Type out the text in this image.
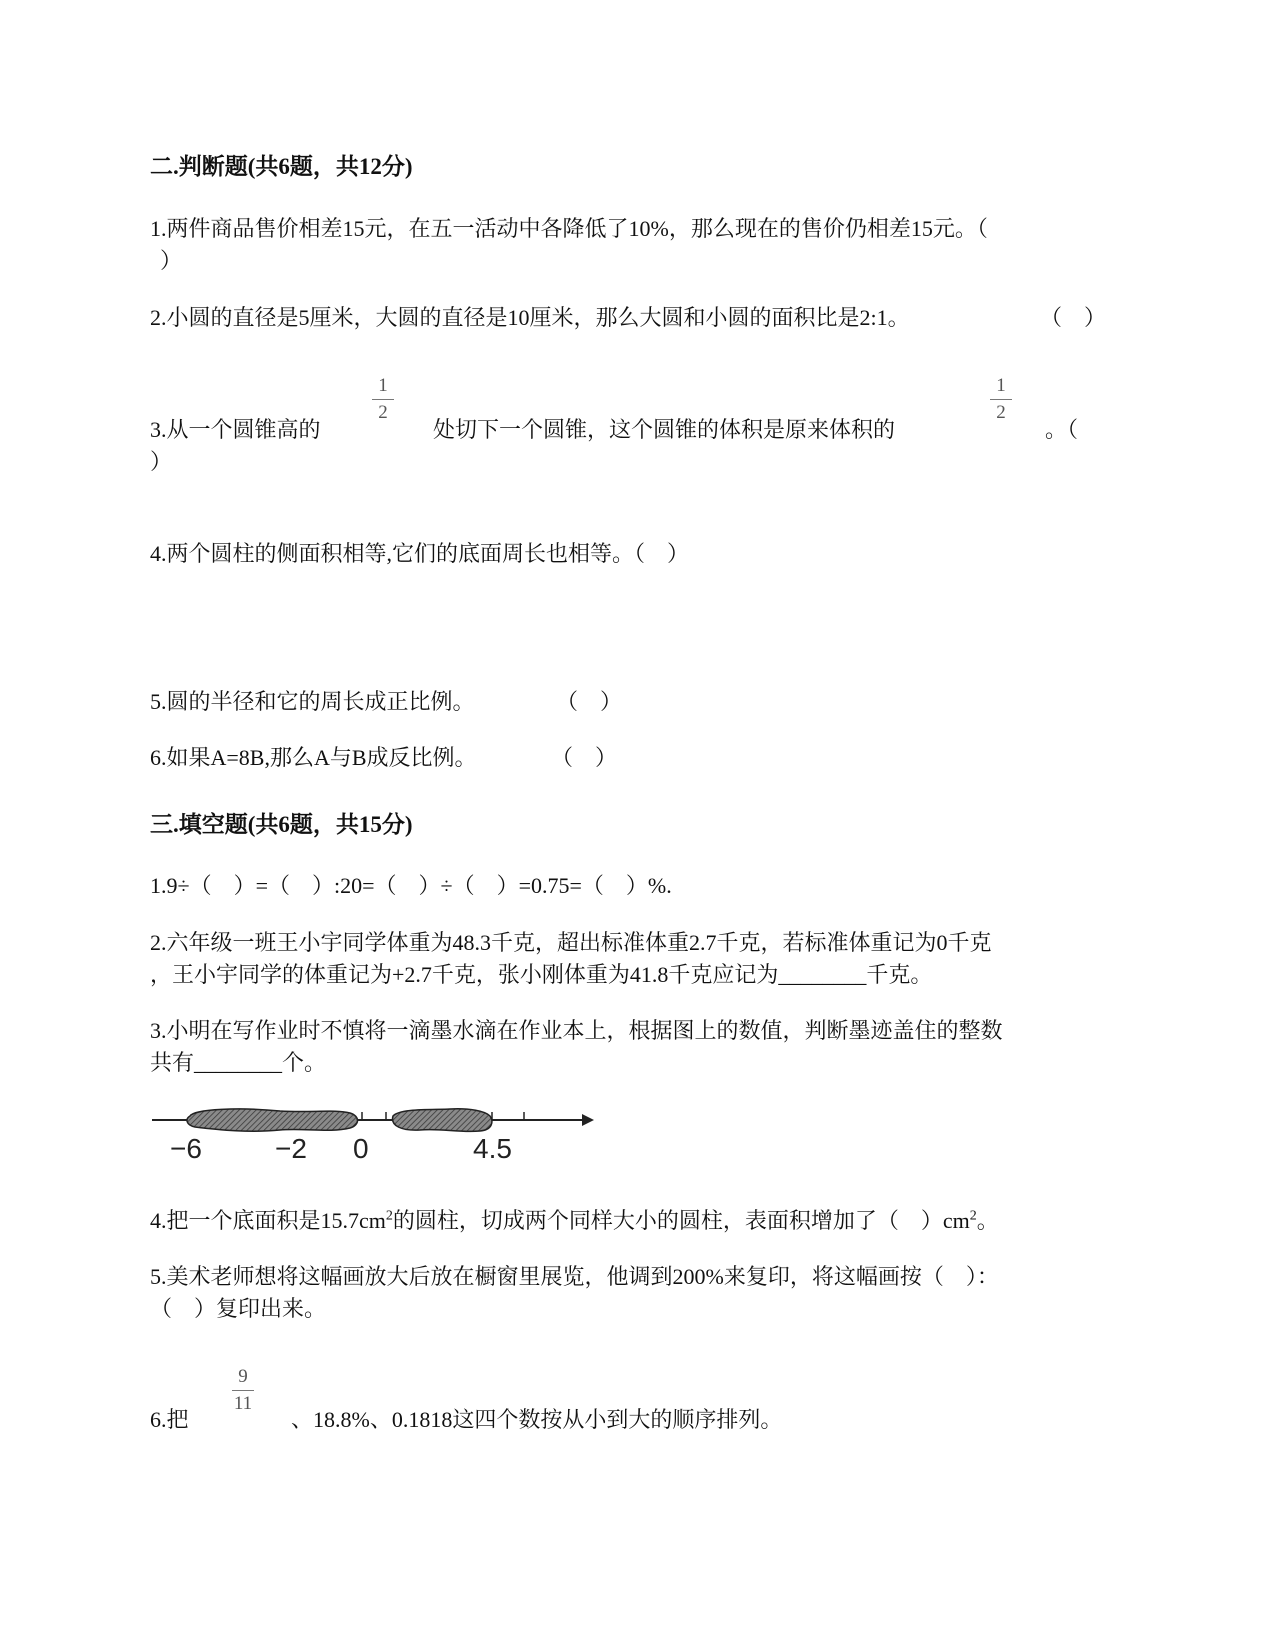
二.判断题(共6题，共12分)
1.两件商品售价相差15元，在五一活动中各降低了10%，那么现在的售价仍相差15元。（
）
2.小圆的直径是5厘米，大圆的直径是10厘米，那么大圆和小圆的面积比是2:1。	（　）
3.从一个圆锥高的
1
2
处切下一个圆锥，这个圆锥的体积是原来体积的
1
2
。（
）
4.两个圆柱的侧面积相等,它们的底面周长也相等。（　）
5.圆的半径和它的周长成正比例。	（　）
6.如果A=8B,那么A与B成反比例。	（　）
三.填空题(共6题，共15分)
1.9÷（　）=（　）:20=（　）÷（　）=0.75=（　）%.
2.六年级一班王小宇同学体重为48.3千克，超出标准体重2.7千克，若标准体重记为0千克
，王小宇同学的体重记为+2.7千克，张小刚体重为41.8千克应记为________千克。
3.小明在写作业时不慎将一滴墨水滴在作业本上，根据图上的数值，判断墨迹盖住的整数
共有________个。
−6	−2 0	4.5
4.把一个底面积是$15.7cm^2$的圆柱，切成两个同样大小的圆柱，表面积增加了（　）$cm^2$。
5.美术老师想将这幅画放大后放在橱窗里展览，他调到200%来复印，将这幅画按（　）：
（　）复印出来。
6.把
9
11
、18.8%、0.1818这四个数按从小到大的顺序排列。
